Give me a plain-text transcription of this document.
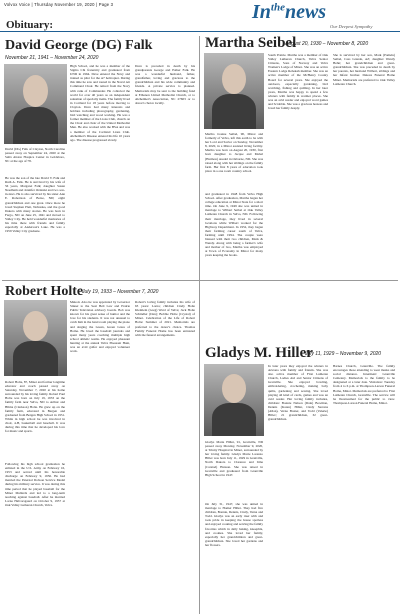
Volvox Voice | Thursday November 19, 2020 | Page 3
Obituary:
$In^{the}news$
Our Deepest Sympathy
David George (DG) Falk
November 21, 1941 – November 24, 2020
David (DG) Falk of Clayton, North Carolina passed away on September 24, 2020 at the Salix Alston Hospice Center in Goldsboro, NC at the age of 78.
He was the son of the late David V. Falk and Ruth A. Falk. He is survived by his wife of 56 years, Margaret Falk; daughter Susan Needham and Jennifer Orsinski and two son-in-laws. He is also survived by his sister Ann E. Robertson of Boise, ND; eight grandchildren and one great. Once more he loved Stephen Plett, Nebraska, and the good Dakota with many stories. He was born in Fargo, ND on June 25, 1941 and moved to Valley City. He held wonderful memories of his time there with friends and family especially at Anderson's Lake. He was a 1959 Valley City graduate.
High School, and he was a member of the Sigma Chi fraternity and graduated from UND in 1964. Dave entered the Navy and trained as pilot for the A7 helicopter. During this time he saw and toured in the Naval Air Command Choir. He retired from the Navy with rank of Commander. He collected the world for over 40 years as an independent salesman of specialty items. The family lived in Cortland for 18 years before moving to Clayton. Dave had many interests and hobbies including photography, gardening, bird watching and wood working. He was a former member of the Lions Club, church on the Choir and choir of the United Methodist Men. He also worked with the BSA and was a member of the Cortland Lions Club. Alzheimer's Disease entered his life 10 years ago. The disease progressed slowly.
Dave is preceded in death by his grandparents George and Esther Falk. He was a wonderful husband, father, grandfather, loving and gracious to the grandchildren and his wide community and friends. A private service is planned. Memorials may be sent to the building fund at Elhanon United Methodist Church, or to Alzheimer's Association, NC 27603 or to donor's choice locally.
Martha Seibel
August 20, 1930 – November 8, 2020
Martha Joanne Seibel, 90, Minot and formerly of Velva, left this earth to be with her Lord and Savior on Sunday, November 8, 2020, in a Minot assisted living facility. Martha was born on August 20, 1930, first born daughter to Jacque and Mabel (Harmon) Asadol in Osborne, ND. She was raised along with her siblings on the family farm. Her first 8 years of education took place in a one room country school.
and graduated in 1948 from Velva High School. After graduation, Martha began her college education at Minot State for a short time. On June 9, 1949 she was united in marriage to Wilbert Seibel at Oak Valley Lutheran Church in Velva, ND. Following their marriage, they lived in several locations while Wilbert worked for the Highway Department. In 1952, they began their farming career south of Velva, farming until 1994. The couple were blessed with their two children, Mark & Wendy. Along with being a farmer's wife and mother of two, Martha was employed at Town of Economy in Minot for many years keeping the books.
South Prairie. Martha was a member of Oak Valley Lutheran Church, Velva Senior Citizens, Sons of Norway and Velva Women's Lodge of Minot. She was an active Eastern Lodge Rebekah member. She was an active member of the McHenry County Board for several years. She enjoyed the outdoors, especially gardening, bird watching, fishing and quilting. In her later years, Martha was happy to spend a few winters with family in warmer places. She was an avid reader and enjoyed word games and Scrabble. She was a gracious hostess and loved her family deeply.
She is survived by her son, Mark (Pamela) Seibel, Cass Grande, AZ; daughter Wendy Hehn; her grandchildren and great-grandchildren. She was preceded in death by her parents, her husband Wilbert, siblings and her Infant brother. Dakota Funeral Home Minot. Memorials are preferred to Oak Valley Lutheran Church.
Robert Holte
July 19, 1933 – November 7, 2020
Robert Holte, 87, Minot and former longtime educator and coach passed away on Saturday, November 7, 2020 at his home surrounded by his loving family. Robert Paul Holte was born on July 19, 1933 on the family farm near Velva, ND to Arthur and Hilma (Clarkson) Holte. He grew up on the family farm, educated in Bergen and graduated from Bergen High School in 1951. While in high school he was involved in choir, 4-H, basketball and baseball. It was during this time that he developed his love for music and sports.
Following his high school graduation he enlisted in the U.S. Army on February 16, 1953 and served until his honorable discharge on February 9, 1956. He had married the Paternal Dobson Service Medal during his military service. It was during this time period that he played baseball for the Minot Mallards and led to a long-term teaching against baseball. After he married Lorna Halvorsgaard on October 9, 1957 at Oak Valley Lutheran Church, Velva.
Makoti. Also he was appointed by Governor Sinner to the Seat Belt Law and Prairie Public Television advisory boards. Bob was known for his great sense of humor and the love for his students. It was not unusual to catch him in the band room playing the piano and singing the Green, Green Grass of Home. He loved the baseball journals and spent many years coaching multiple high school athletic teams. He enjoyed pheasant hunting at the annual Velva Pheasant Hunt, was an avid golfer and enjoyed volunteer work.
Robert's loving family includes his wife of 63 years: Lorna; children Cindy Holte Kleinlein (Greg) Ward of Velva; Jack Holte Schindler (Dan); Bobbie Holte (Crystal) of Minot. Celebration of the Life of Robert Holte: Summer of 2021. Memorials are preferred to the donor's choice. Thomas Family Funeral Home has been entrusted with the funeral arrangements.
Gladys M. Hiller
July 11, 1929 – November 9, 2020
Gladys Marie Hiller, 91, Granville, ND passed away Monday, November 9, 2020, at Trinity Hospital in Minot, surrounded by her loving family. Gladys Marie Lorenzo Hiller was born July 11, 1929 in Granville, North Dakota to Clarence and Irma (Carstad) Hanson. She was raised in Granville and graduated from Granville High School in 1947.
On July 31, 1947, she was united in marriage to Homer Hiller. They had five children, Bonnie, Dennis, Cindy, Verna and Todd. Gladys was an early riser with and took pride in keeping the house spotless and enjoyed cooking and serving the family favorites which in daily baking, knoephla, and cookies. She loved her family, especially her grandchildren and great-grandchildren. She loved her gardens and her flowers.
In later years they enjoyed the winters in Arizona with family and friends. She was also active member of First Lutheran Church, Ladies Aid and Senior Citizens of Granville. She enjoyed bowling, embroidering, crocheting, making baby quilts, gardening and sewing. She loved playing all kind of cards, games and was an avid reader. Her loving family includes, children: Bonnie Nelson (Dale) Bowman, Dennis (Karen) Hiller, Cindy Stevens (Allan), Verna Baxter, and Todd (Valerie) Hiller; 21 grandchildren, 32 great-grandchildren.
Barnes Church, Granville. The family encourages those attending to wear masks and social distance. Interment: Granville Cemetery. Memorials to the family to be designated at a later date. Visitation: Tuesday from 4 to 6 p.m. at Thompson-Larson Funeral Home, Minot. Memorials are preferred to First Lutheran Church, Granville. The service will be livestreamed for the public to view. Thompson-Larson Funeral Home, Minot.
